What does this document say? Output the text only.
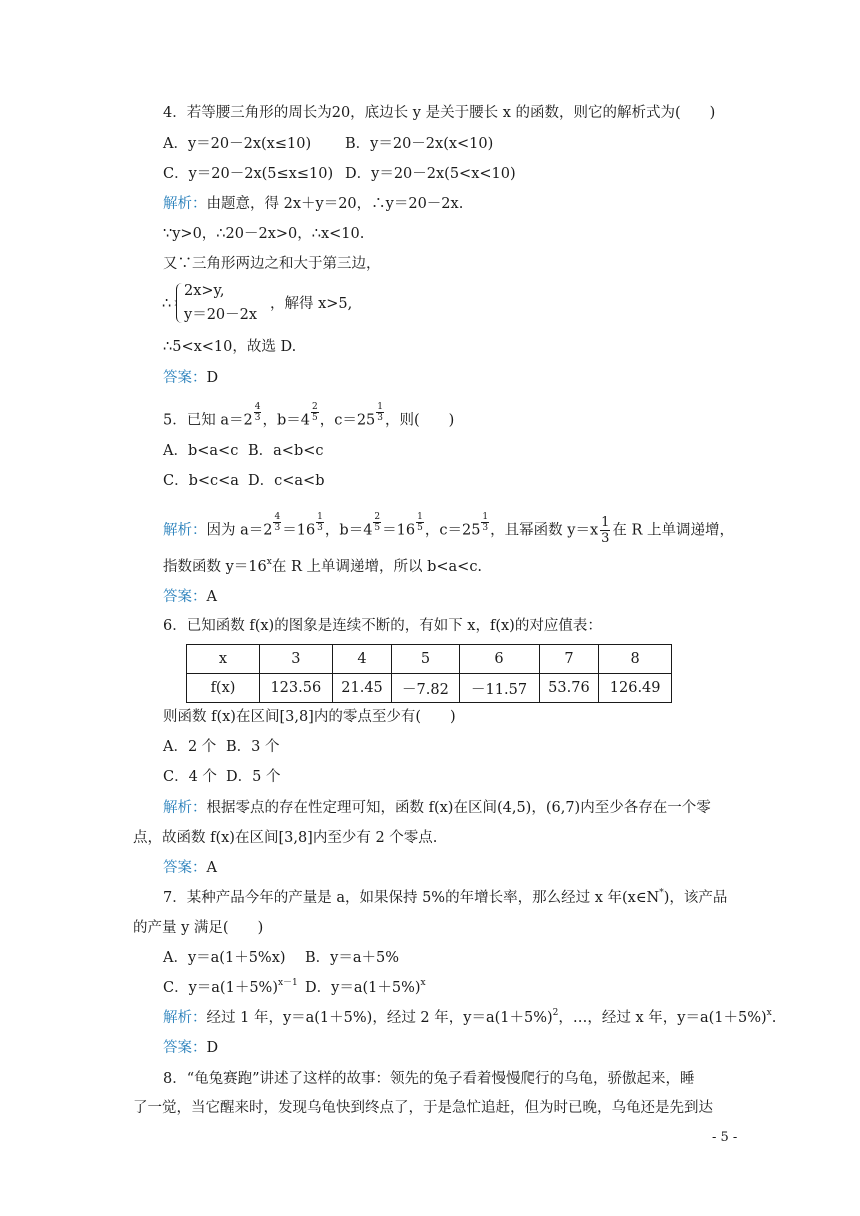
4．若等腰三角形的周长为20，底边长 y 是关于腰长 x 的函数，则它的解析式为(　　)
A．y＝20－2x(x≤10) B．y＝20－2x(x<10)
C．y＝20－2x(5≤x≤10) D．y＝20－2x(5<x<10)
解析：由题意，得 2x＋y＝20，∴y＝20－2x.
∵y>0，∴20－2x>0，∴x<10.
又∵三角形两边之和大于第三边，
∴
2x>y,
y＝20－2x
，解得 x>5,
∴5<x<10，故选 D.
答案：D
5．已知 $a=2 \frac{4}{3}$ ，$b=4 \frac{2}{5}$ ，$c=25 \frac{1}{3}$ ，则(　　)
A．b<a<c B．a<b<c
C．b<c<a D．c<a<b
解析：因为 $a=2 \frac{4}{3} =16 \frac{1}{3}$ ，$b=4 \frac{2}{5} =16 \frac{1}{5}$ ，$c=25 \frac{1}{3}$ ，且幂函数 $y=x \frac{1}{3}$ 在 R 上单调递增，
指数函数 $y=16^x$在 R 上单调递增，所以 b<a<c.
答案：A
6．已知函数 f(x)的图象是连续不断的，有如下 x，f(x)的对应值表：
x	3	4	5	6	7	8
f(x)	123.56	21.45	－7.82	－11.57	53.76	126.49
则函数 f(x)在区间[3,8]内的零点至少有(　　)
A．2 个 B．3 个
C．4 个 D．5 个
解析：根据零点的存在性定理可知，函数 f(x)在区间(4,5)，(6,7)内至少各存在一个零
点，故函数 f(x)在区间[3,8]内至少有 2 个零点.
答案：A
7．某种产品今年的产量是 a，如果保持 5%的年增长率，那么经过 x 年(x∈N*)，该产品
的产量 y 满足(　　)
A．y＝a(1＋5%x) B．y＝a＋5%
C．$y=a(1+5\%)^{x-1}$ D．$y=a(1+5\%)^x$
解析：经过 1 年，y＝a(1＋5%)，经过 2 年，$y=a(1+5\%)^2$，…，经过 x 年，$y=a(1+5\%)^x$.
答案：D
8．“龟兔赛跑”讲述了这样的故事：领先的兔子看着慢慢爬行的乌龟，骄傲起来，睡
了一觉，当它醒来时，发现乌龟快到终点了，于是急忙追赶，但为时已晚，乌龟还是先到达
- 5 -
